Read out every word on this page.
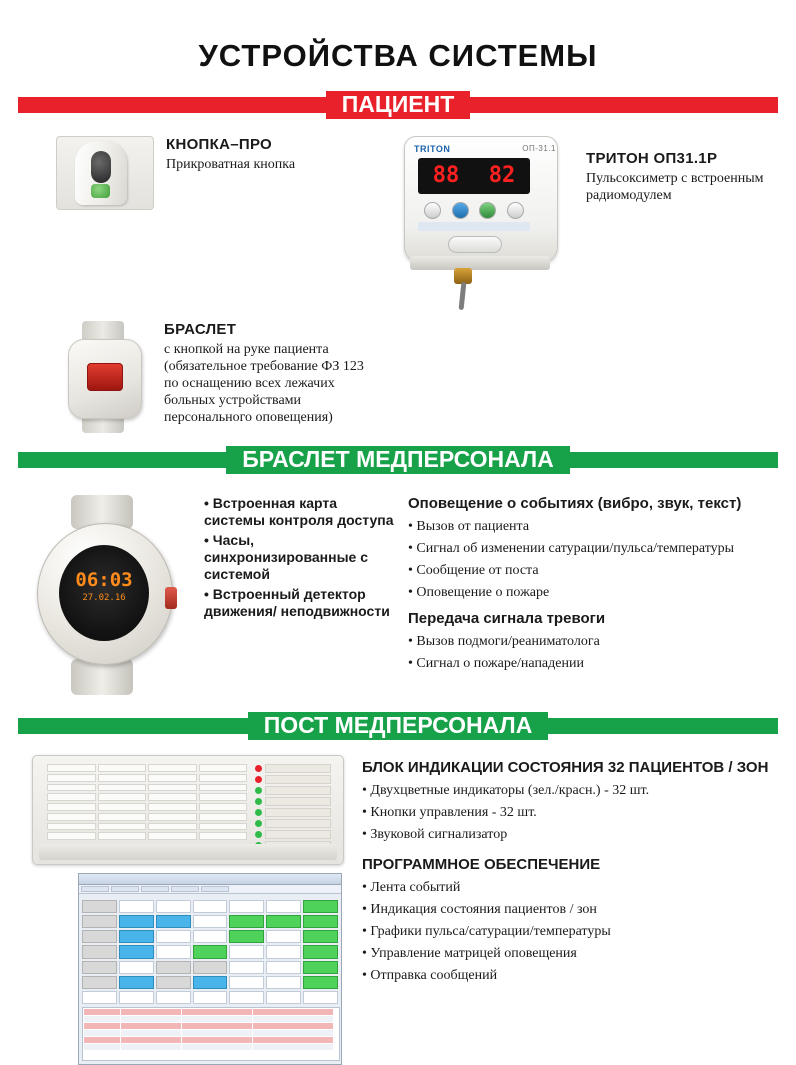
УСТРОЙСТВА СИСТЕМЫ
ПАЦИЕНТ
КНОПКА–ПРО

Прикроватная кнопка

TRITON	ОП-31.1
88 82
ТРИТОН ОП31.1Р

Пульсоксиметр с встроенным радиомодулем

БРАСЛЕТ

с кнопкой на руке пациента (обязательное требование ФЗ 123 по оснащению всех лежачих больных устройствами персонального оповещения)

БРАСЛЕТ МЕДПЕРСОНАЛА
06:03
27.02.16
• Встроенная карта системы контроля доступа
• Часы, синхронизированные с системой
• Встроенный детектор движения/ неподвижности
Оповещение о событиях (вибро, звук, текст)
• Вызов от пациента
• Сигнал об изменении сатурации/пульса/температуры
• Сообщение от поста
• Оповещение о пожаре
Передача сигнала тревоги
• Вызов подмоги/реаниматолога
• Сигнал о пожаре/нападении
ПОСТ МЕДПЕРСОНАЛА
БЛОК ИНДИКАЦИИ СОСТОЯНИЯ 32 ПАЦИЕНТОВ / ЗОН
• Двухцветные индикаторы (зел./красн.) - 32 шт.
• Кнопки управления - 32 шт.
• Звуковой сигнализатор
ПРОГРАММНОЕ ОБЕСПЕЧЕНИЕ
• Лента событий
• Индикация состояния пациентов / зон
• Графики пульса/сатурации/температуры
• Управление матрицей оповещения
• Отправка сообщений
